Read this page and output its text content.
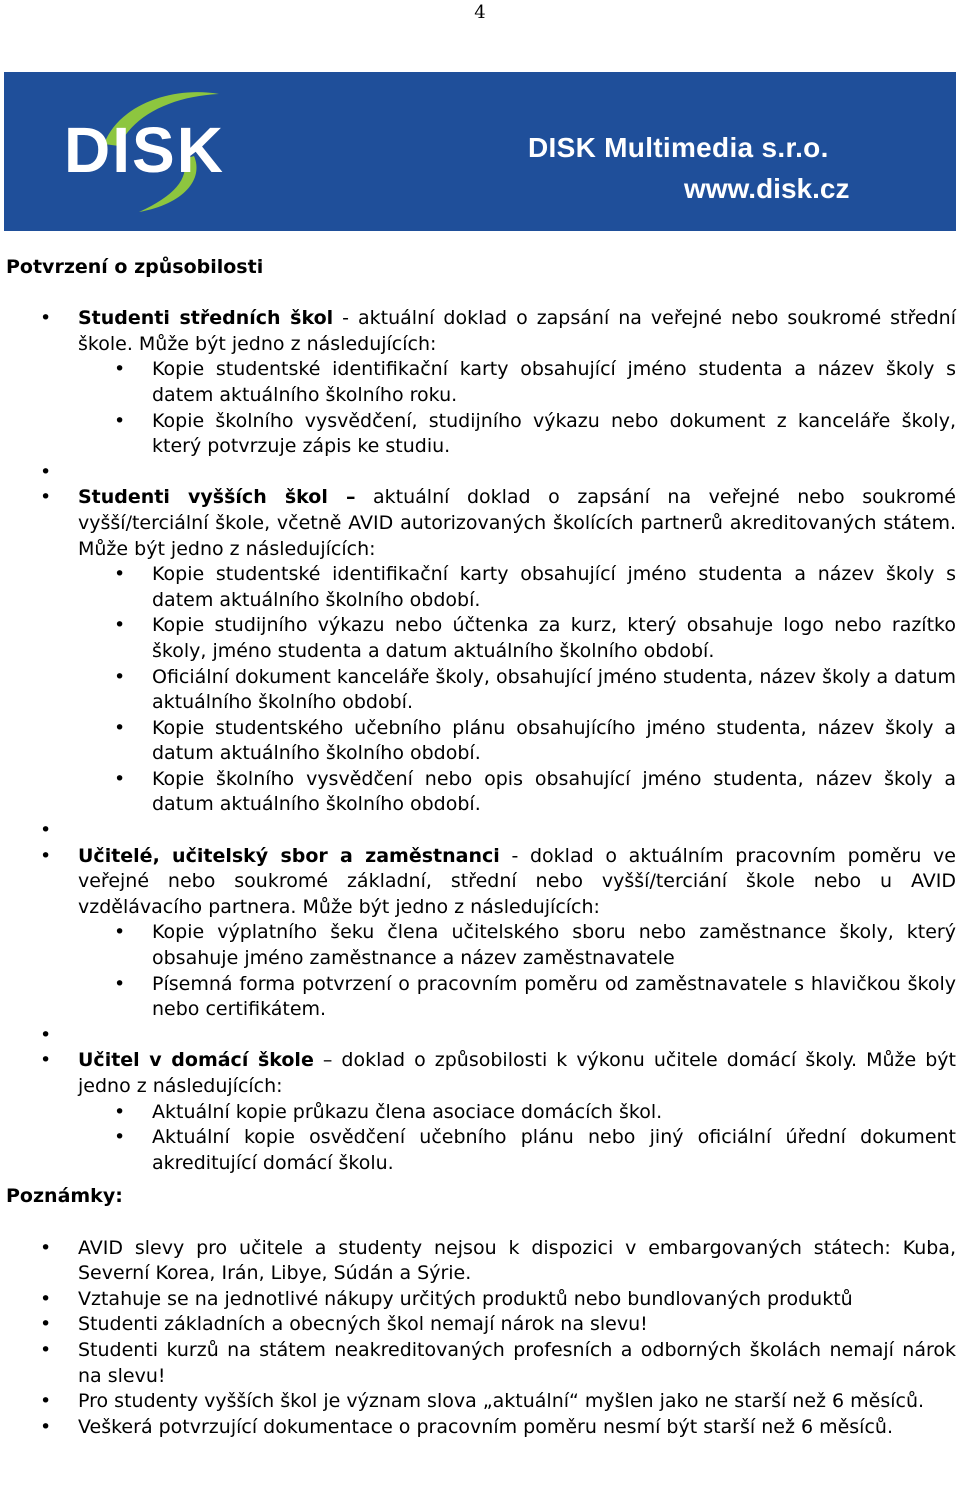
4
DISK	DISK Multimedia s.r.o.
www.disk.cz
Potvrzení o způsobilosti
• Studenti středních škol - aktuální doklad o zapsání na veřejné nebo soukromé střední škole. Může být jedno z následujících:
• Kopie studentské identifikační karty obsahující jméno studenta a název školy s datem aktuálního školního roku.
• Kopie školního vysvědčení, studijního výkazu nebo dokument z kanceláře školy, který potvrzuje zápis ke studiu.
•
• Studenti vyšších škol – aktuální doklad o zapsání na veřejné nebo soukromé vyšší/terciální škole, včetně AVID autorizovaných školících partnerů akreditovaných státem. Může být jedno z následujících:
• Kopie studentské identifikační karty obsahující jméno studenta a název školy s datem aktuálního školního období.
• Kopie studijního výkazu nebo účtenka za kurz, který obsahuje logo nebo razítko školy, jméno studenta a datum aktuálního školního období.
• Oficiální dokument kanceláře školy, obsahující jméno studenta, název školy a datum aktuálního školního období.
• Kopie studentského učebního plánu obsahujícího jméno studenta, název školy a datum aktuálního školního období.
• Kopie školního vysvědčení nebo opis obsahující jméno studenta, název školy a datum aktuálního školního období.
•
• Učitelé, učitelský sbor a zaměstnanci - doklad o aktuálním pracovním poměru ve veřejné nebo soukromé základní, střední nebo vyšší/terciání škole nebo u AVID vzdělávacího partnera. Může být jedno z následujících:
• Kopie výplatního šeku člena učitelského sboru nebo zaměstnance školy, který obsahuje jméno zaměstnance a název zaměstnavatele
• Písemná forma potvrzení o pracovním poměru od zaměstnavatele s hlavičkou školy nebo certifikátem.
•
• Učitel v domácí škole – doklad o způsobilosti k výkonu učitele domácí školy. Může být jedno z následujících:
• Aktuální kopie průkazu člena asociace domácích škol.
• Aktuální kopie osvědčení učebního plánu nebo jiný oficiální úřední dokument akreditující domácí školu.
Poznámky:
• AVID slevy pro učitele a studenty nejsou k dispozici v embargovaných státech: Kuba, Severní Korea, Irán, Libye, Súdán a Sýrie.
• Vztahuje se na jednotlivé nákupy určitých produktů nebo bundlovaných produktů
• Studenti základních a obecných škol nemají nárok na slevu!
• Studenti kurzů na státem neakreditovaných profesních a odborných školách nemají nárok na slevu!
• Pro studenty vyšších škol je význam slova „aktuální“ myšlen jako ne starší než 6 měsíců.
• Veškerá potvrzující dokumentace o pracovním poměru nesmí být starší než 6 měsíců.
